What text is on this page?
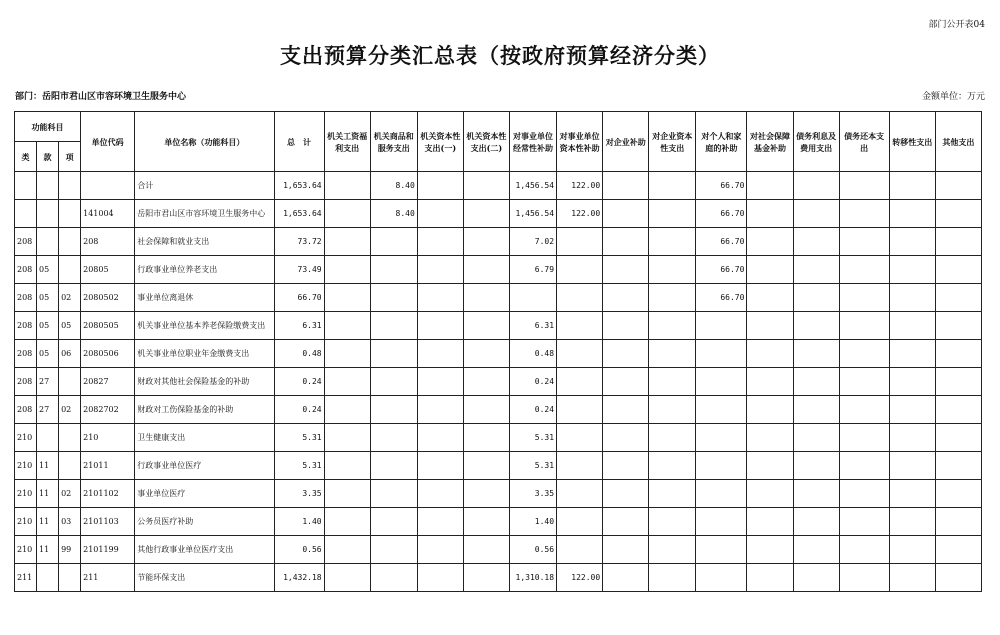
部门公开表04
支出预算分类汇总表（按政府预算经济分类）
部门：岳阳市君山区市容环境卫生服务中心	金额单位：万元
功能科目			单位代码	单位名称（功能科目）	总　计	机关工资福利支出	机关商品和服务支出	机关资本性支出(一)	机关资本性支出(二)	对事业单位经常性补助	对事业单位资本性补助	对企业补助	对企业资本性支出	对个人和家庭的补助	对社会保障基金补助	债务利息及费用支出	债务还本支出	转移性支出	其他支出
类	款	项																	
				合计	1,653.64		8.40			1,456.54	122.00			66.70					
			141004	岳阳市君山区市容环境卫生服务中心	1,653.64		8.40			1,456.54	122.00			66.70					
208			208	社会保障和就业支出	73.72					7.02				66.70					
208	05		20805	行政事业单位养老支出	73.49					6.79				66.70					
208	05	02	2080502	事业单位离退休	66.70									66.70					
208	05	05	2080505	机关事业单位基本养老保险缴费支出	6.31					6.31									
208	05	06	2080506	机关事业单位职业年金缴费支出	0.48					0.48									
208	27		20827	财政对其他社会保险基金的补助	0.24					0.24									
208	27	02	2082702	财政对工伤保险基金的补助	0.24					0.24									
210			210	卫生健康支出	5.31					5.31									
210	11		21011	行政事业单位医疗	5.31					5.31									
210	11	02	2101102	事业单位医疗	3.35					3.35									
210	11	03	2101103	公务员医疗补助	1.40					1.40									
210	11	99	2101199	其他行政事业单位医疗支出	0.56					0.56									
211			211	节能环保支出	1,432.18					1,310.18	122.00								
